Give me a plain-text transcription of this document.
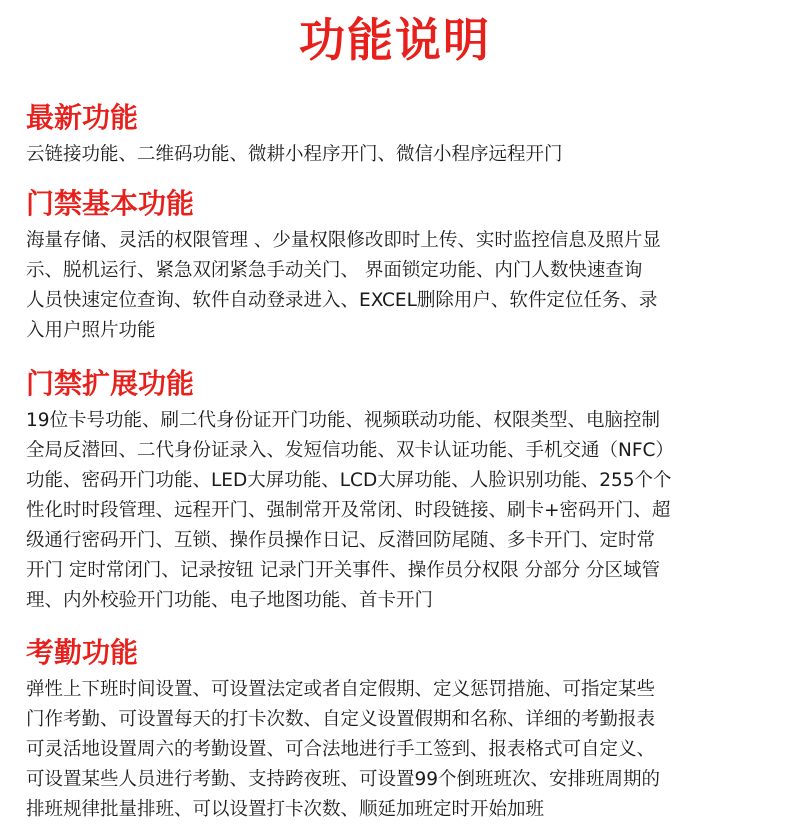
功能说明
最新功能

云链接功能、二维码功能、微耕小程序开门、微信小程序远程开门

门禁基本功能

海量存储、灵活的权限管理 、少量权限修改即时上传、实时监控信息及照片显
示、脱机运行、紧急双闭紧急手动关门、 界面锁定功能、内门人数快速查询
人员快速定位查询、软件自动登录进入、EXCEL删除用户、软件定位任务、录
入用户照片功能

门禁扩展功能

19位卡号功能、刷二代身份证开门功能、视频联动功能、权限类型、电脑控制
全局反潜回、二代身份证录入、发短信功能、双卡认证功能、手机交通（NFC）
功能、密码开门功能、LED大屏功能、LCD大屏功能、人脸识别功能、255个个
性化时时段管理、远程开门、强制常开及常闭、时段链接、刷卡+密码开门、超
级通行密码开门、互锁、操作员操作日记、反潜回防尾随、多卡开门、定时常
开门 定时常闭门、记录按钮 记录门开关事件、操作员分权限 分部分 分区域管
理、内外校验开门功能、电子地图功能、首卡开门

考勤功能

弹性上下班时间设置、可设置法定或者自定假期、定义惩罚措施、可指定某些
门作考勤、可设置每天的打卡次数、自定义设置假期和名称、详细的考勤报表
可灵活地设置周六的考勤设置、可合法地进行手工签到、报表格式可自定义、
可设置某些人员进行考勤、支持跨夜班、可设置99个倒班班次、安排班周期的
排班规律批量排班、可以设置打卡次数、顺延加班定时开始加班
